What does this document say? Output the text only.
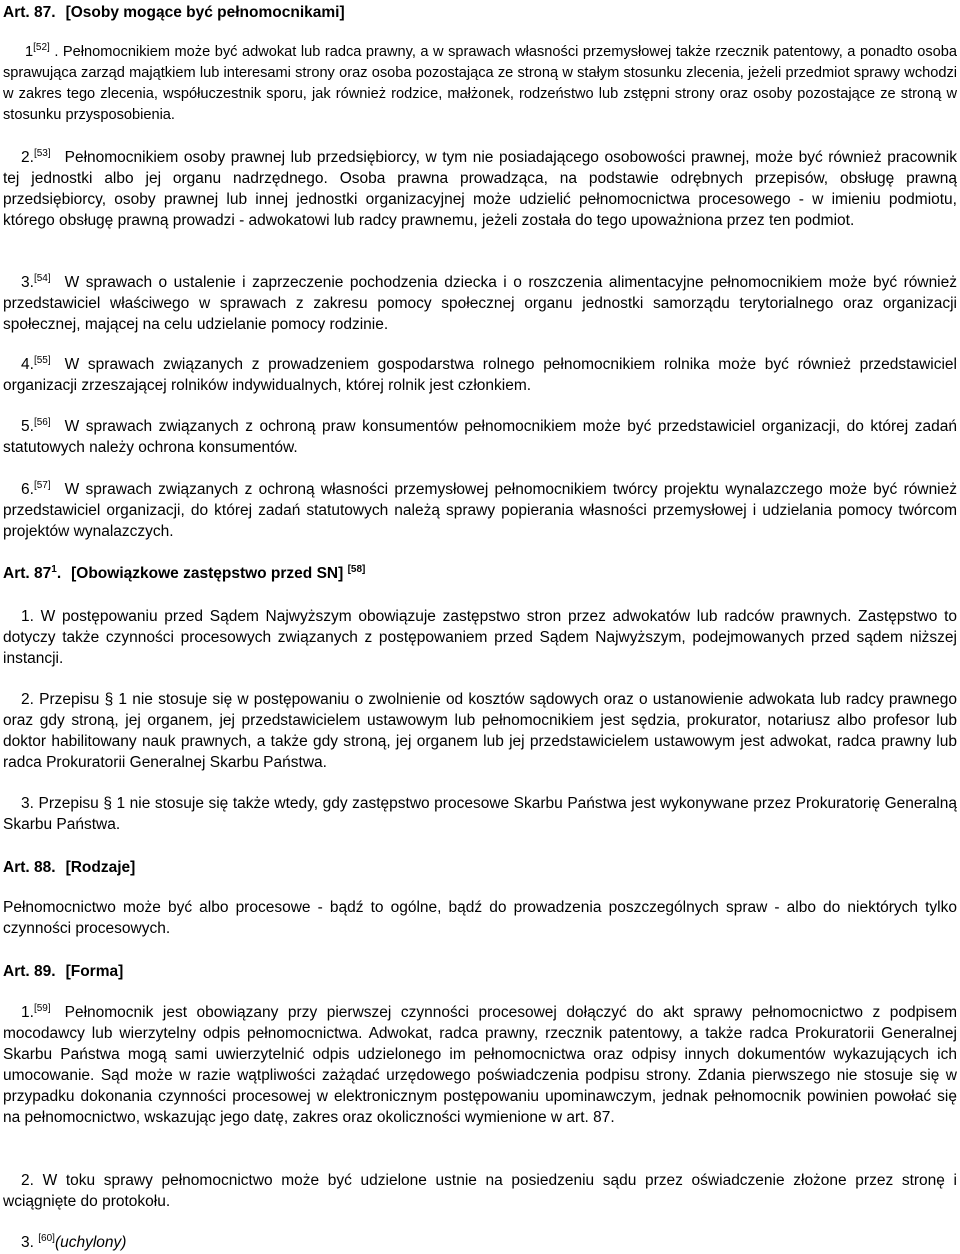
Art. 87. [Osoby mogące być pełnomocnikami]

1[52] . Pełnomocnikiem może być adwokat lub radca prawny, a w sprawach własności przemysłowej także rzecznik patentowy, a ponadto osoba sprawująca zarząd majątkiem lub interesami strony oraz osoba pozostająca ze stroną w stałym stosunku zlecenia, jeżeli przedmiot sprawy wchodzi w zakres tego zlecenia, współuczestnik sporu, jak również rodzice, małżonek, rodzeństwo lub zstępni strony oraz osoby pozostające ze stroną w stosunku przysposobienia.

2.[53] Pełnomocnikiem osoby prawnej lub przedsiębiorcy, w tym nie posiadającego osobowości prawnej, może być również pracownik tej jednostki albo jej organu nadrzędnego. Osoba prawna prowadząca, na podstawie odrębnych przepisów, obsługę prawną przedsiębiorcy, osoby prawnej lub innej jednostki organizacyjnej może udzielić pełnomocnictwa procesowego - w imieniu podmiotu, którego obsługę prawną prowadzi - adwokatowi lub radcy prawnemu, jeżeli została do tego upoważniona przez ten podmiot.

3.[54] W sprawach o ustalenie i zaprzeczenie pochodzenia dziecka i o roszczenia alimentacyjne pełnomocnikiem może być również przedstawiciel właściwego w sprawach z zakresu pomocy społecznej organu jednostki samorządu terytorialnego oraz organizacji społecznej, mającej na celu udzielanie pomocy rodzinie.

4.[55] W sprawach związanych z prowadzeniem gospodarstwa rolnego pełnomocnikiem rolnika może być również przedstawiciel organizacji zrzeszającej rolników indywidualnych, której rolnik jest członkiem.

5.[56] W sprawach związanych z ochroną praw konsumentów pełnomocnikiem może być przedstawiciel organizacji, do której zadań statutowych należy ochrona konsumentów.

6.[57] W sprawach związanych z ochroną własności przemysłowej pełnomocnikiem twórcy projektu wynalazczego może być również przedstawiciel organizacji, do której zadań statutowych należą sprawy popierania własności przemysłowej i udzielania pomocy twórcom projektów wynalazczych.

Art. $87^1$. [Obowiązkowe zastępstwo przed SN] [58]

1. W postępowaniu przed Sądem Najwyższym obowiązuje zastępstwo stron przez adwokatów lub radców prawnych. Zastępstwo to dotyczy także czynności procesowych związanych z postępowaniem przed Sądem Najwyższym, podejmowanych przed sądem niższej instancji.

2. Przepisu § 1 nie stosuje się w postępowaniu o zwolnienie od kosztów sądowych oraz o ustanowienie adwokata lub radcy prawnego oraz gdy stroną, jej organem, jej przedstawicielem ustawowym lub pełnomocnikiem jest sędzia, prokurator, notariusz albo profesor lub doktor habilitowany nauk prawnych, a także gdy stroną, jej organem lub jej przedstawicielem ustawowym jest adwokat, radca prawny lub radca Prokuratorii Generalnej Skarbu Państwa.

3. Przepisu § 1 nie stosuje się także wtedy, gdy zastępstwo procesowe Skarbu Państwa jest wykonywane przez Prokuratorię Generalną Skarbu Państwa.

Art. 88. [Rodzaje]

Pełnomocnictwo może być albo procesowe - bądź to ogólne, bądź do prowadzenia poszczególnych spraw - albo do niektórych tylko czynności procesowych.

Art. 89. [Forma]

1.[59] Pełnomocnik jest obowiązany przy pierwszej czynności procesowej dołączyć do akt sprawy pełnomocnictwo z podpisem mocodawcy lub wierzytelny odpis pełnomocnictwa. Adwokat, radca prawny, rzecznik patentowy, a także radca Prokuratorii Generalnej Skarbu Państwa mogą sami uwierzytelnić odpis udzielonego im pełnomocnictwa oraz odpisy innych dokumentów wykazujących ich umocowanie. Sąd może w razie wątpliwości zażądać urzędowego poświadczenia podpisu strony. Zdania pierwszego nie stosuje się w przypadku dokonania czynności procesowej w elektronicznym postępowaniu upominawczym, jednak pełnomocnik powinien powołać się na pełnomocnictwo, wskazując jego datę, zakres oraz okoliczności wymienione w art. 87.

2. W toku sprawy pełnomocnictwo może być udzielone ustnie na posiedzeniu sądu przez oświadczenie złożone przez stronę i wciągnięte do protokołu.

3. [60](uchylony)
